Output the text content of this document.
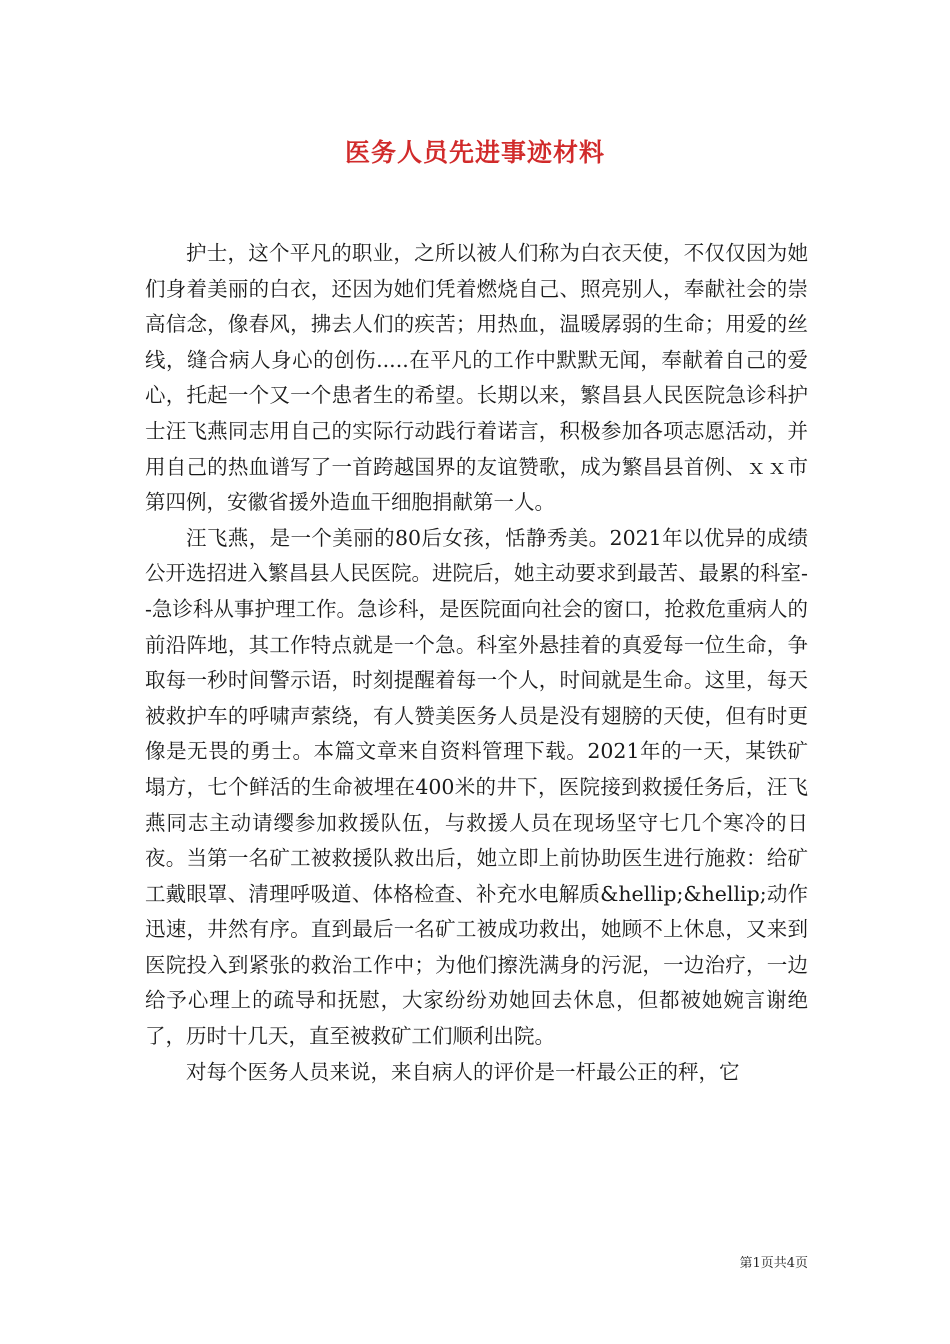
医务人员先进事迹材料

护士，这个平凡的职业，之所以被人们称为白衣天使，不仅仅因为她们身着美丽的白衣，还因为她们凭着燃烧自己、照亮别人，奉献社会的崇高信念，像春风，拂去人们的疾苦；用热血，温暖孱弱的生命；用爱的丝线，缝合病人身心的创伤.....在平凡的工作中默默无闻，奉献着自己的爱心，托起一个又一个患者生的希望。长期以来，繁昌县人民医院急诊科护士汪飞燕同志用自己的实际行动践行着诺言，积极参加各项志愿活动，并用自己的热血谱写了一首跨越国界的友谊赞歌，成为繁昌县首例、ｘｘ市第四例，安徽省援外造血干细胞捐献第一人。

汪飞燕，是一个美丽的80后女孩，恬静秀美。2021年以优异的成绩公开选招进入繁昌县人民医院。进院后，她主动要求到最苦、最累的科室--急诊科从事护理工作。急诊科，是医院面向社会的窗口，抢救危重病人的前沿阵地，其工作特点就是一个急。科室外悬挂着的真爱每一位生命，争取每一秒时间警示语，时刻提醒着每一个人，时间就是生命。这里，每天被救护车的呼啸声萦绕，有人赞美医务人员是没有翅膀的天使，但有时更像是无畏的勇士。本篇文章来自资料管理下载。2021年的一天，某铁矿塌方，七个鲜活的生命被埋在400米的井下，医院接到救援任务后，汪飞燕同志主动请缨参加救援队伍，与救援人员在现场坚守七几个寒冷的日夜。当第一名矿工被救援队救出后，她立即上前协助医生进行施救：给矿工戴眼罩、清理呼吸道、体格检查、补充水电解质&hellip;&hellip;动作迅速，井然有序。直到最后一名矿工被成功救出，她顾不上休息，又来到医院投入到紧张的救治工作中；为他们擦洗满身的污泥，一边治疗，一边给予心理上的疏导和抚慰，大家纷纷劝她回去休息，但都被她婉言谢绝了，历时十几天，直至被救矿工们顺利出院。

对每个医务人员来说，来自病人的评价是一杆最公正的秤，它

第1页共4页
